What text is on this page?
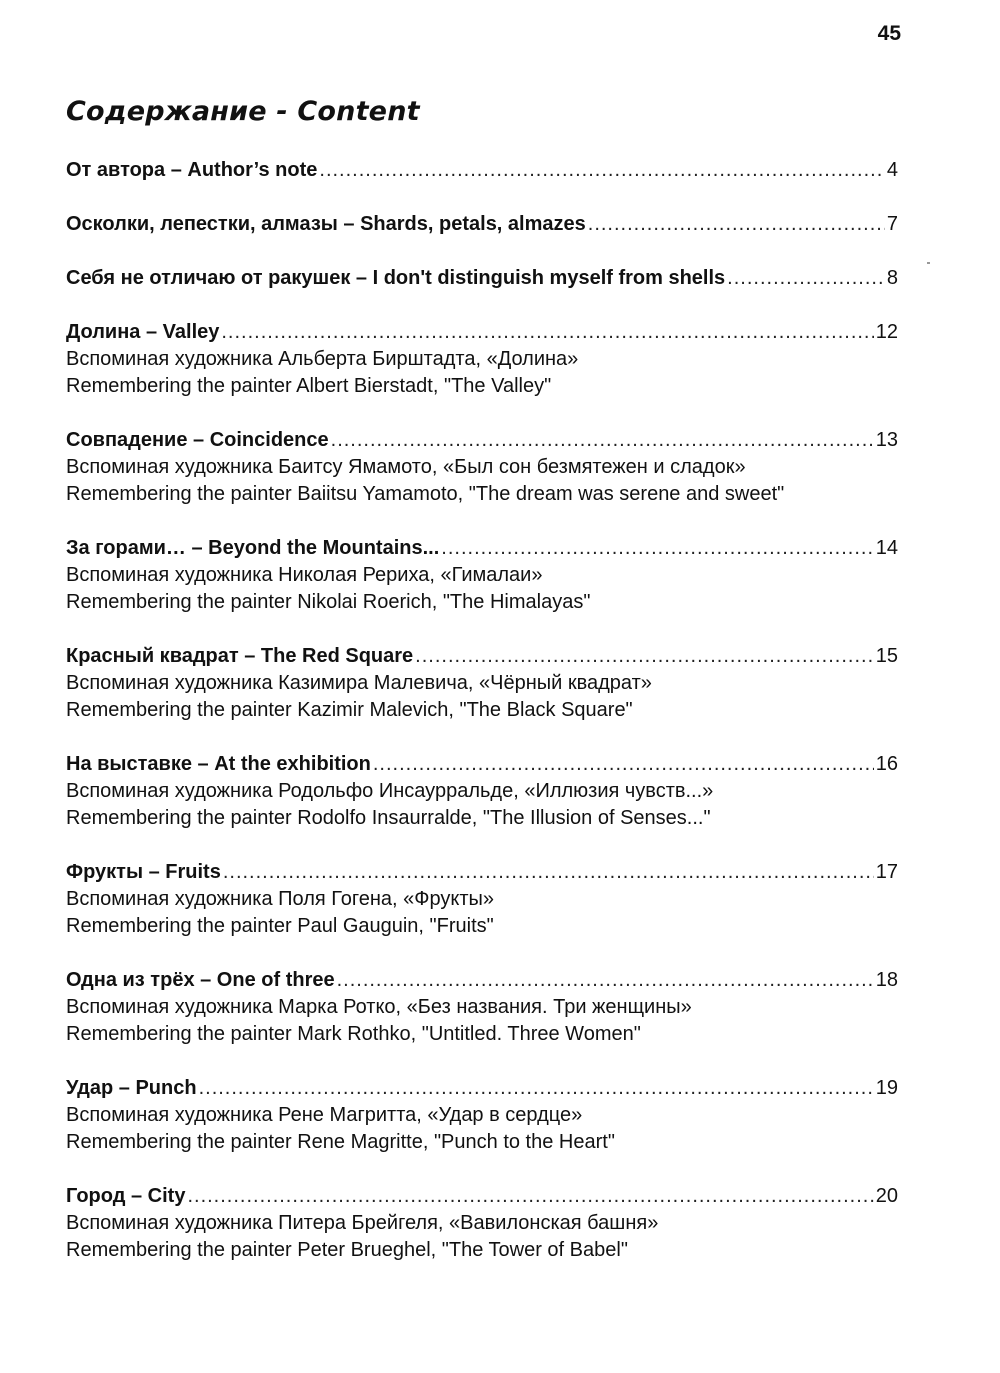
45
Содержание - Content
От автора – Author’s note .....	4
Осколки, лепестки, алмазы – Shards, petals, almazes .....	7
Себя не отличаю от ракушек – I don't distinguish myself from shells .....	8
Долина – Valley .....	12
Вспоминая художника Альберта Бирштадта, «Долина»
Remembering the painter Albert Bierstadt, "The Valley"
Совпадение – Coincidence .....	13
Вспоминая художника Баитсу Ямамото, «Был сон безмятежен и сладок»
Remembering the painter Baiitsu Yamamoto, "The dream was serene and sweet"
За горами… – Beyond the Mountains... .....	14
Вспоминая художника Николая Рериха, «Гималаи»
Remembering the painter Nikolai Roerich, "The Himalayas"
Красный квадрат – The Red Square .....	15
Вспоминая художника Казимира Малевича, «Чёрный квадрат»
Remembering the painter Kazimir Malevich, "The Black Square"
На выставке – At the exhibition .....	16
Вспоминая художника Родольфо Инсаурральде, «Иллюзия чувств...»
Remembering the painter Rodolfo Insaurralde, "The Illusion of Senses..."
Фрукты – Fruits .....	17
Вспоминая художника Поля Гогена, «Фрукты»
Remembering the painter Paul Gauguin, "Fruits"
Одна из трёх – One of three .....	18
Вспоминая художника Марка Ротко, «Без названия. Три женщины»
Remembering the painter Mark Rothko, "Untitled. Three Women"
Удар – Punch .....	19
Вспоминая художника Рене Магритта, «Удар в сердце»
Remembering the painter Rene Magritte, "Punch to the Heart"
Город – City .....	20
Вспоминая художника Питера Брейгеля, «Вавилонская башня»
Remembering the painter Peter Brueghel, "The Tower of Babel"
